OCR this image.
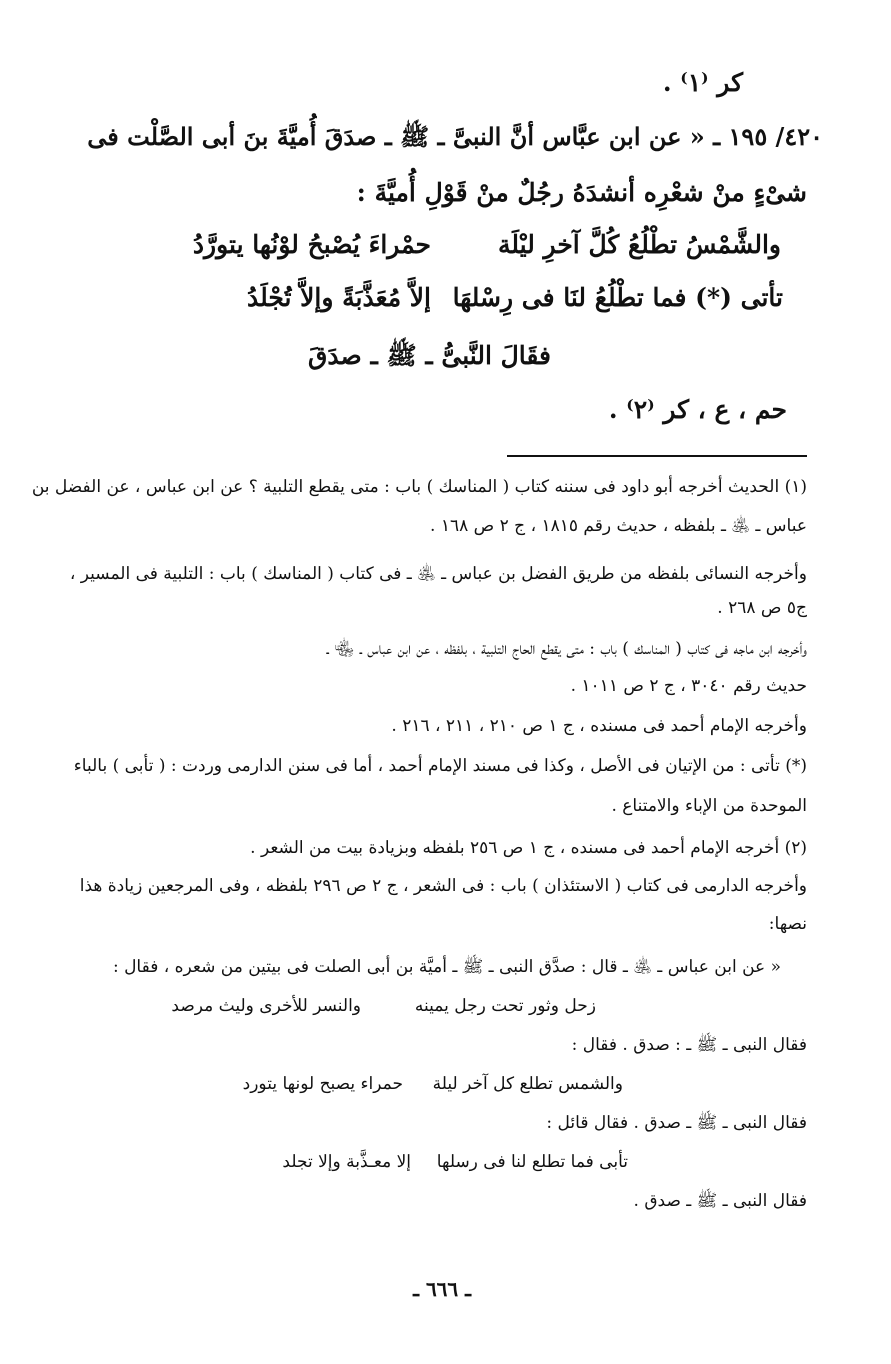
كر ⁽١⁾ .
٤٢٠/ ١٩٥ ـ « عن ابن عبَّاس أنَّ النبىَّ ـ ﷺ ـ صدَقَ أُميَّةَ بنَ أبى الصَّلْت فى
شىْءٍ منْ شعْرِه أنشدَهُ رجُلٌ منْ قَوْلِ أُميَّةَ :
والشَّمْسُ تطْلُعُ كُلَّ آخرِ ليْلَة
حمْراءَ يُصْبحُ لوْنُها يتورَّدُ
تأتى (*) فما تطْلُعُ لنَا فى رِسْلهَا
إلاَّ مُعَذَّبَةً وإلاَّ تُجْلَدُ
فقَالَ النَّبىُّ ـ ﷺ ـ صدَقَ
حم ، ع ، كر ⁽٢⁾ .
(١) الحديث أخرجه أبو داود فى سننه كتاب ( المناسك ) باب : متى يقطع التلبية ؟ عن ابن عباس ، عن الفضل بن
عباس ـ ﵁ ـ بلفظه ، حديث رقم ١٨١٥ ، ج ٢ ص ١٦٨ .
وأخرجه النسائى بلفظه من طريق الفضل بن عباس ـ ﵁ ـ فى كتاب ( المناسك ) باب : التلبية فى المسير ،
ج٥ ص ٢٦٨ .
وأخرجه ابن ماجه فى كتاب ( المناسك ) باب : متى يقطع الحاج التلبية ، بلفظه ، عن ابن عباس ـ ﵄ ـ
حديث رقم ٣٠٤٠ ، ج ٢ ص ١٠١١ .
وأخرجه الإمام أحمد فى مسنده ، ج ١ ص ٢١٠ ، ٢١١ ، ٢١٦ .
(*) تأتى : من الإتيان فى الأصل ، وكذا فى مسند الإمام أحمد ، أما فى سنن الدارمى وردت : ( تأبى ) بالباء
الموحدة من الإباء والامتناع .
(٢) أخرجه الإمام أحمد فى مسنده ، ج ١ ص ٢٥٦ بلفظه وبزيادة بيت من الشعر .
وأخرجه الدارمى فى كتاب ( الاستئذان ) باب : فى الشعر ، ج ٢ ص ٢٩٦ بلفظه ، وفى المرجعين زيادة هذا
نصها:
« عن ابن عباس ـ ﵁ ـ قال : صدَّق النبى ـ ﷺ ـ أميَّة بن أبى الصلت فى بيتين من شعره ، فقال :
زحل وثور تحت رجل يمينه
والنسر للأخرى وليث مرصد
فقال النبى ـ ﷺ ـ : صدق . فقال :
والشمس تطلع كل آخر ليلة
حمراء يصبح لونها يتورد
فقال النبى ـ ﷺ ـ صدق . فقال قائل :
تأبى فما تطلع لنا فى رسلها
إلا معـذَّبة وإلا تجلد
فقال النبى ـ ﷺ ـ صدق .
ـ ٦٦٦ ـ
